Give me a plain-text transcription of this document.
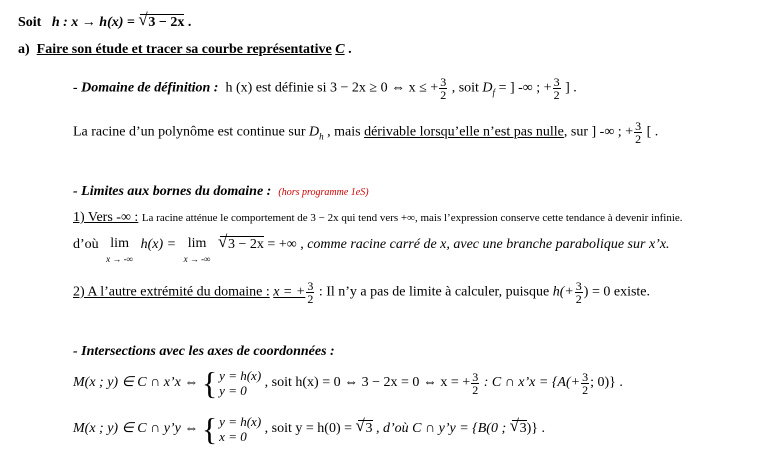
Soit h : x → h(x) = √ 3 − 2x .
a) Faire son étude et tracer sa courbe représentative C .
- Domaine de définition : h (x) est définie si 3 − 2x ≥ 0 ⇔ x ≤ + $\frac{3}{2}$ , soit $D_f$ = ] -∞ ; + $\frac{3}{2}$ ] .
La racine d’un polynôme est continue sur $D_h$ , mais dérivable lorsqu’elle n’est pas nulle, sur ] -∞ ; + $\frac{3}{2}$ [ .
- Limites aux bornes du domaine : (hors programme 1eS)
1) Vers -∞ : La racine atténue le comportement de 3 − 2x qui tend vers +∞, mais l’expression conserve cette tendance à devenir infinie.
d’où lim
x → -∞
h(x) = lim
x → -∞
√ 3 − 2x = +∞ , comme racine carré de x, avec une branche parabolique sur x’x.
2) A l’autre extrémité du domaine : x = + $\frac{3}{2}$ : Il n’y a pas de limite à calculer, puisque $h(+ \frac{3}{2}$ ) = 0 existe.
- Intersections avec les axes de coordonnées :
M(x ; y) ∈ C ∩ x’x ⇔ { y = h(x)
y = 0
, soit h(x) = 0 ⇔ 3 − 2x = 0 ⇔ x = + $\frac{3}{2}$ : C ∩ x’x = {$A(+ \frac{3}{2}$ ; 0)} .
M(x ; y) ∈ C ∩ y’y ⇔ { y = h(x)
x = 0
, soit y = h(0) = √ 3 , d’où C ∩ y’y = {B(0 ; √ 3)} .
